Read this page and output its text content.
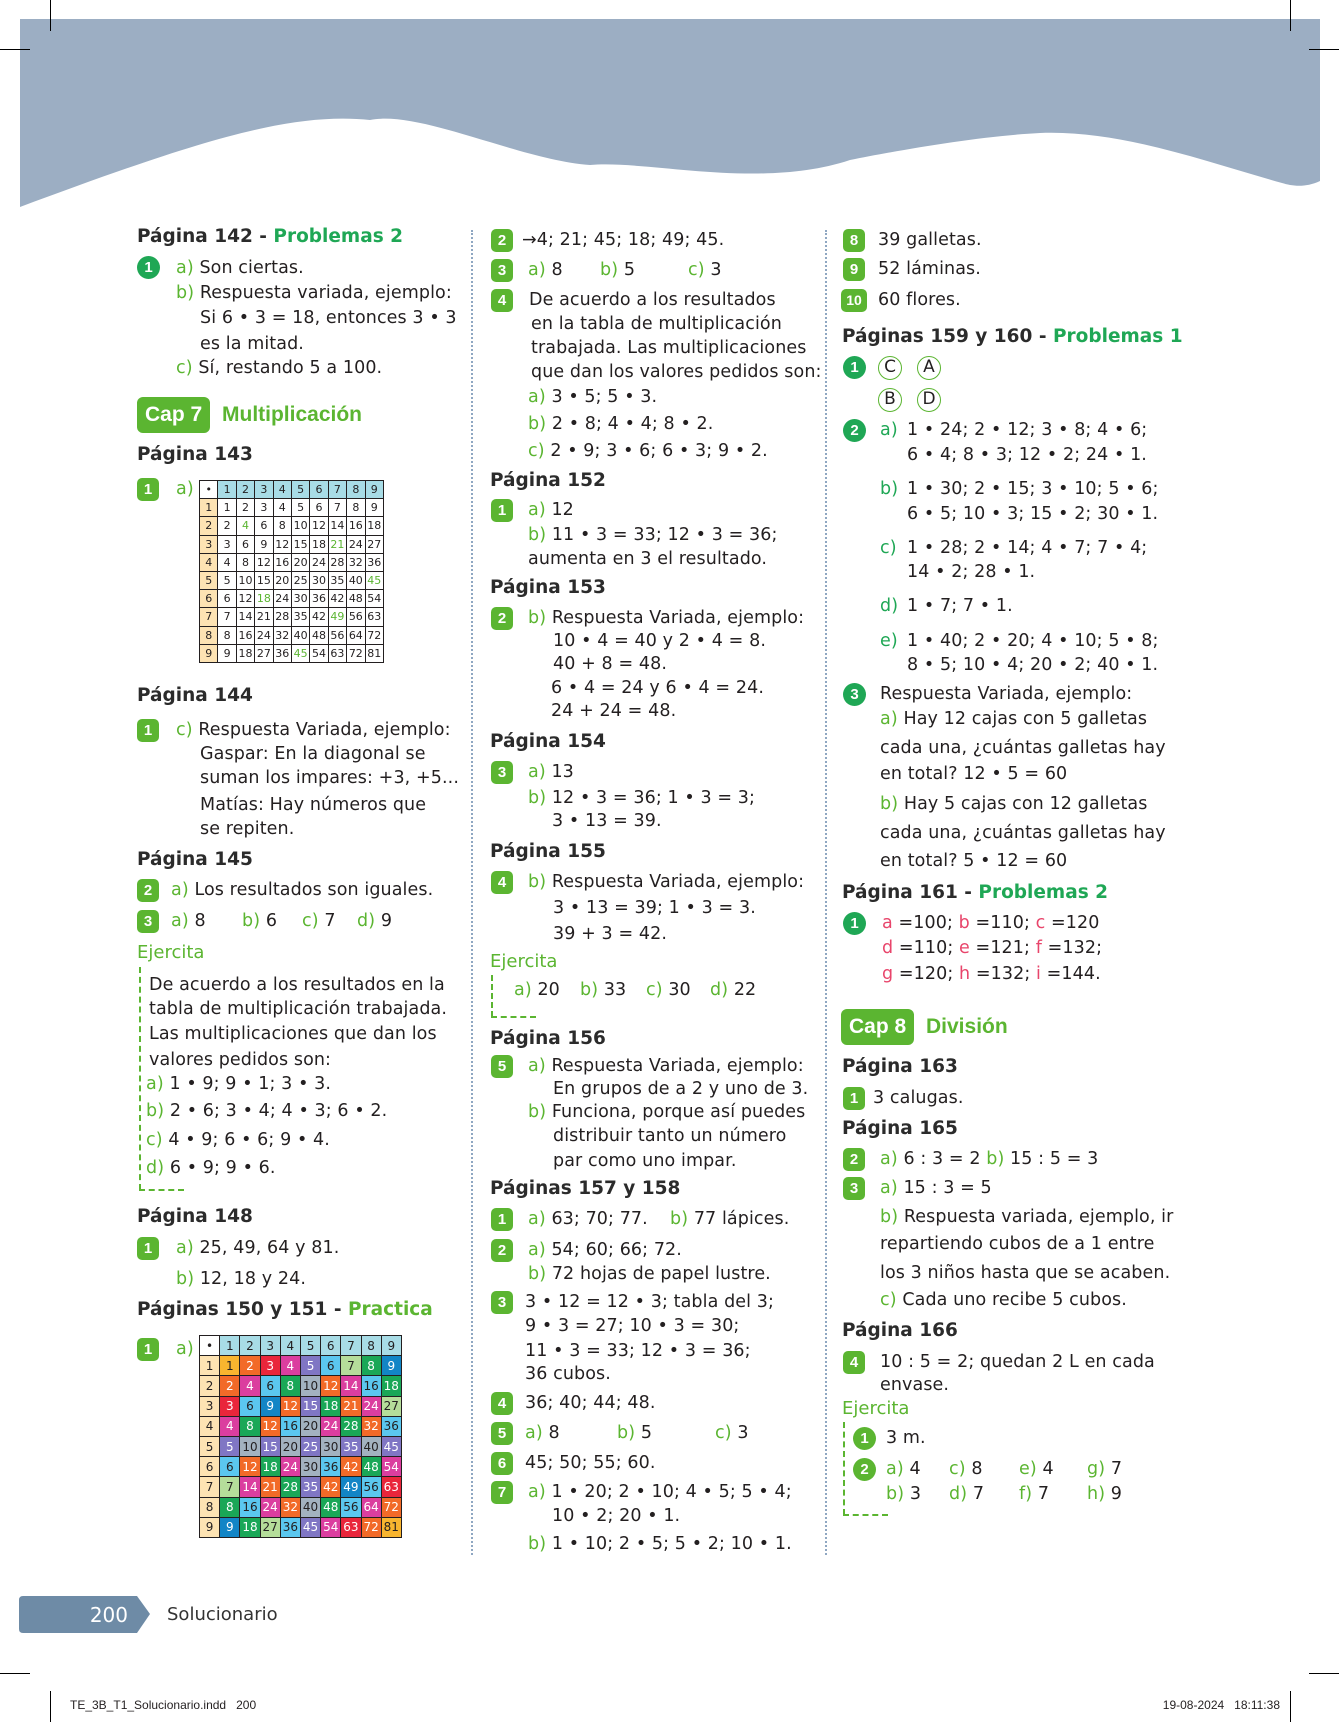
Página 142 - Problemas 2
1	a) Son ciertas.
b) Respuesta variada, ejemplo:
Si 6 • 3 = 18, entonces 3 • 3
es la mitad.
c) Sí, restando 5 a 100.
Cap 7 Multiplicación
Página 143
1	a)	•	1	2	3	4	5	6	7	8	9
1	1	2	3	4	5	6	7	8	9
2	2	4	6	8 10 12 14 16 18
3	3	6	9 12 15 18 21 24 27
4	4	8 12 16 20 24 28 32 36
5	5 10 15 20 25 30 35 40 45
6	6 12 18 24 30 36 42 48 54
7	7 14 21 28 35 42 49 56 63
8	8 16 24 32 40 48 56 64 72
9	9 18 27 36 45 54 63 72 81
Página 144
1	c) Respuesta Variada, ejemplo:
Gaspar: En la diagonal se
suman los impares: +3, +5...
Matías: Hay números que
se repiten.
Página 145
2	a) Los resultados son iguales.
3	a) 8 b) 6 c) 7 d) 9
Ejercita
De acuerdo a los resultados en la
tabla de multiplicación trabajada.
Las multiplicaciones que dan los
valores pedidos son:
a) 1 • 9; 9 • 1; 3 • 3.
b) 2 • 6; 3 • 4; 4 • 3; 6 • 2.
c) 4 • 9; 6 • 6; 9 • 4.
d) 6 • 9; 9 • 6.
Página 148
1	a) 25, 49, 64 y 81.
b) 12, 18 y 24.
Páginas 150 y 151 - Practica
1	a)	•	1	2	3	4	5	6	7	8	9
1	1	2	3	4	5	6	7	8	9
2	2	4	6	8 10 12 14 16 18
3	3	6	9 12 15 18 21 24 27
4	4	8 12 16 20 24 28 32 36
5	5 10 15 20 25 30 35 40 45
6	6 12 18 24 30 36 42 48 54
7	7 14 21 28 35 42 49 56 63
8	8 16 24 32 40 48 56 64 72
9	9 18 27 36 45 54 63 72 81
2 →4; 21; 45; 18; 49; 45.
3	a) 8 b) 5	c) 3
4	De acuerdo a los resultados
en la tabla de multiplicación
trabajada. Las multiplicaciones
que dan los valores pedidos son:
a) 3 • 5; 5 • 3.
b) 2 • 8; 4 • 4; 8 • 2.
c) 2 • 9; 3 • 6; 6 • 3; 9 • 2.
Página 152
1	a) 12
b) 11 • 3 = 33; 12 • 3 = 36;
aumenta en 3 el resultado.
Página 153
2	b) Respuesta Variada, ejemplo:
10 • 4 = 40 y 2 • 4 = 8.
40 + 8 = 48.
6 • 4 = 24 y 6 • 4 = 24.
24 + 24 = 48.
Página 154
3	a) 13
b) 12 • 3 = 36; 1 • 3 = 3;
3 • 13 = 39.
Página 155
4	b) Respuesta Variada, ejemplo:
3 • 13 = 39; 1 • 3 = 3.
39 + 3 = 42.
Ejercita
a) 20 b) 33 c) 30 d) 22
Página 156
5	a) Respuesta Variada, ejemplo:
En grupos de a 2 y uno de 3.
b) Funciona, porque así puedes
distribuir tanto un número
par como uno impar.
Páginas 157 y 158
1	a) 63; 70; 77. b) 77 lápices.
2	a) 54; 60; 66; 72.
b) 72 hojas de papel lustre.
3	3 • 12 = 12 • 3; tabla del 3;
9 • 3 = 27; 10 • 3 = 30;
11 • 3 = 33; 12 • 3 = 36;
36 cubos.
4	36; 40; 44; 48.
5	a) 8	b) 5	c) 3
6	45; 50; 55; 60.
7	a) 1 • 20; 2 • 10; 4 • 5; 5 • 4;
10 • 2; 20 • 1.
b) 1 • 10; 2 • 5; 5 • 2; 10 • 1.
8	39 galletas.
9	52 láminas.
10 60 flores.
Páginas 159 y 160 - Problemas 1
1	C	A
B	D
2	a) 1 • 24; 2 • 12; 3 • 8; 4 • 6;
6 • 4; 8 • 3; 12 • 2; 24 • 1.
b) 1 • 30; 2 • 15; 3 • 10; 5 • 6;
6 • 5; 10 • 3; 15 • 2; 30 • 1.
c) 1 • 28; 2 • 14; 4 • 7; 7 • 4;
14 • 2; 28 • 1.
d) 1 • 7; 7 • 1.
e) 1 • 40; 2 • 20; 4 • 10; 5 • 8;
8 • 5; 10 • 4; 20 • 2; 40 • 1.
3	Respuesta Variada, ejemplo:
a) Hay 12 cajas con 5 galletas
cada una, ¿cuántas galletas hay
en total? 12 • 5 = 60
b) Hay 5 cajas con 12 galletas
cada una, ¿cuántas galletas hay
en total? 5 • 12 = 60
Página 161 - Problemas 2
1	a =100; b =110; c =120
d =110; e =121; f =132;
g =120; h =132; i =144.
Cap 8 División
Página 163
1 3 calugas.
Página 165
2	a) 6 : 3 = 2 b) 15 : 5 = 3
3	a) 15 : 3 = 5
b) Respuesta variada, ejemplo, ir
repartiendo cubos de a 1 entre
los 3 niños hasta que se acaben.
c) Cada uno recibe 5 cubos.
Página 166
4	10 : 5 = 2; quedan 2 L en cada
envase.
Ejercita
1 3 m.
2 a) 4 c) 8 e) 4 g) 7
b) 3 d) 7 f) 7 h) 9
200 Solucionario
TE_3B_T1_Solucionario.indd   200	19-08-2024   18:11:38
